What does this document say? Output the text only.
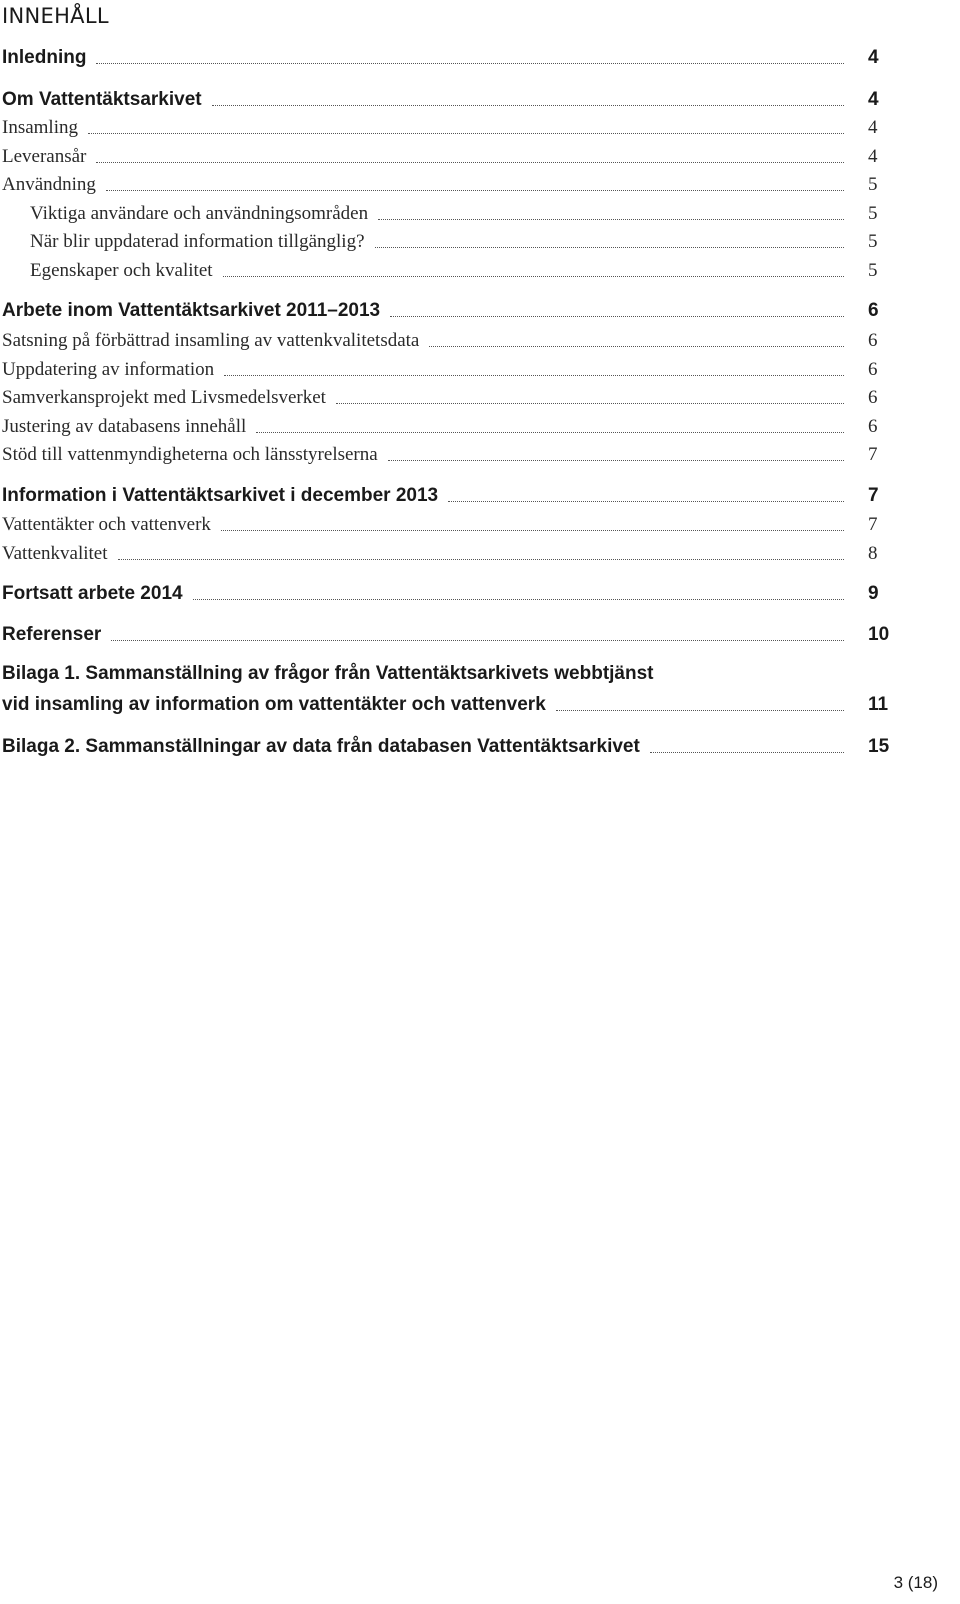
INNEHÅLL
Inledning	4
Om Vattentäktsarkivet	4
Insamling	4
Leveransår	4
Användning	5
Viktiga användare och användningsområden	5
När blir uppdaterad information tillgänglig?	5
Egenskaper och kvalitet	5
Arbete inom Vattentäktsarkivet 2011–2013	6
Satsning på förbättrad insamling av vattenkvalitetsdata	6
Uppdatering av information	6
Samverkansprojekt med Livsmedelsverket	6
Justering av databasens innehåll	6
Stöd till vattenmyndigheterna och länsstyrelserna	7
Information i Vattentäktsarkivet i december 2013	7
Vattentäkter och vattenverk	7
Vattenkvalitet	8
Fortsatt arbete 2014	9
Referenser	10
Bilaga 1. Sammanställning av frågor från Vattentäktsarkivets webbtjänst
vid insamling av information om vattentäkter och vattenverk	11
Bilaga 2. Sammanställningar av data från databasen Vattentäktsarkivet	15
3 (18)
